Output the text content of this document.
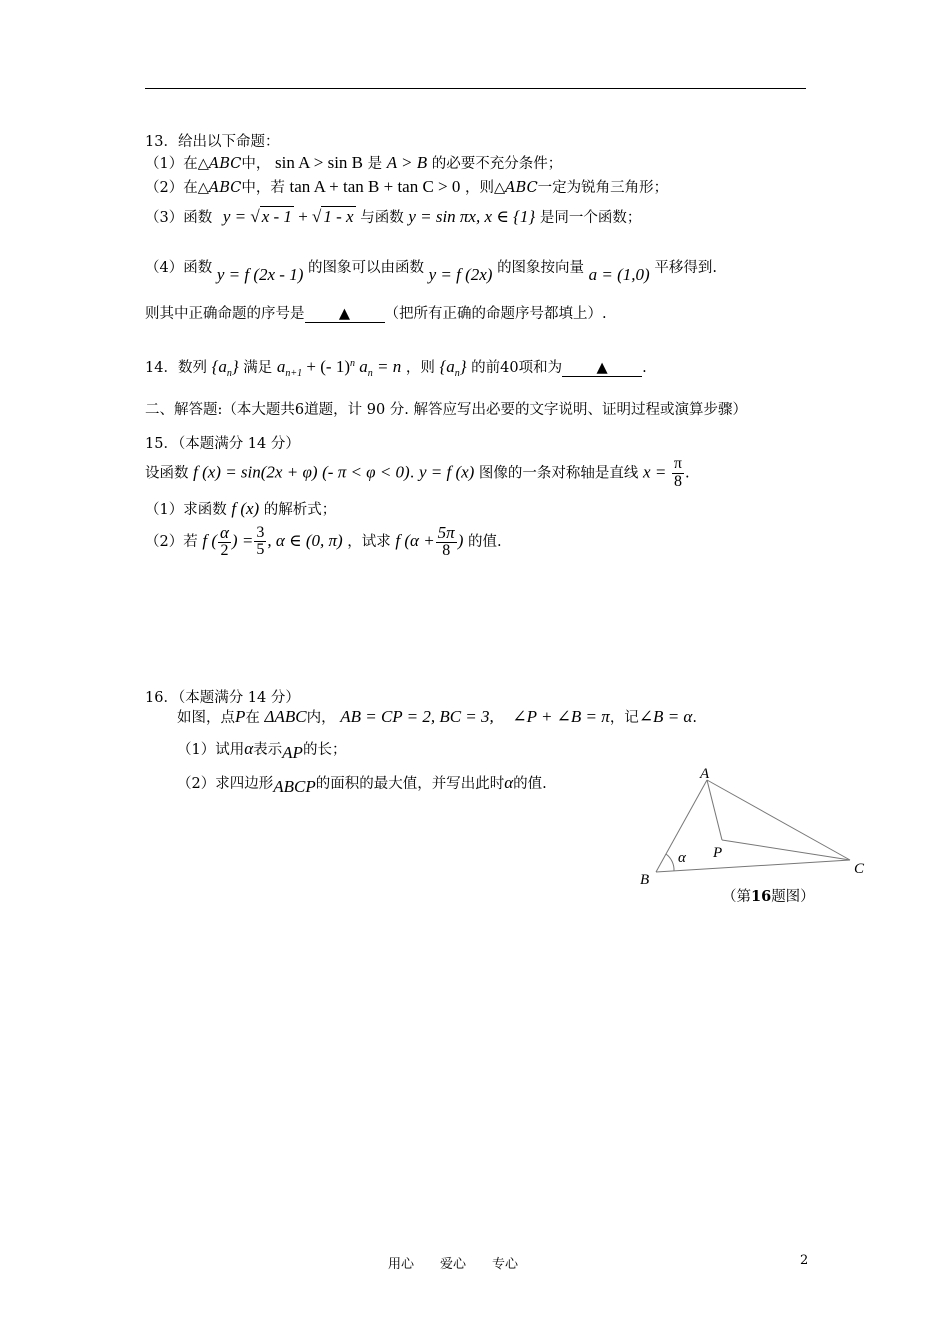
13．给出以下命题：
（1）在△ABC中， sin A > sin B 是 A > B 的必要不充分条件；
（2）在△ABC中，若 tan A + tan B + tan C > 0 ，则△ABC一定为锐角三角形；
（3）函数 y = √ x - 1 + √ 1 - x 与函数 y = sin πx, x ∈ {1} 是同一个函数；
（4）函数 y = f (2x - 1) 的图象可以由函数 y = f (2x) 的图象按向量 a = (1,0) 平移得到.
则其中正确命题的序号是 ▲ （把所有正确的命题序号都填上）.
14．数列 $\{a_n\}$ 满足 $a_{n+1}$ + (- 1)$^n$ $a_n = n$ ，则 $\{a_n\}$ 的前40项和为 ▲ .
二、解答题:（本大题共6道题，计 90 分. 解答应写出必要的文字说明、证明过程或演算步骤）
15．（本题满分 14 分）
设函数 f (x) = sin(2x + φ) (- π < φ < 0). y = f (x) 图像的一条对称轴是直线 $x = \frac{\pi}{8}$ .
（1）求函数 f (x) 的解析式；
（2）若 f ( $\frac{\alpha}{2}$ ) = $\frac{3}{5}$ , α ∈ (0, π) ，试求 f ($\alpha + \frac{5\pi}{8}$ ) 的值.
16．（本题满分 14 分）
如图，点P在 ΔABC内， AB = CP = 2, BC = 3, ∠P + ∠B = π，记∠B = α.
（1）试用α表示AP的长；
（2）求四边形ABCP的面积的最大值，并写出此时α的值.
A
B
C
P
α
（第16题图）
用心　　爱心　　专心	2
